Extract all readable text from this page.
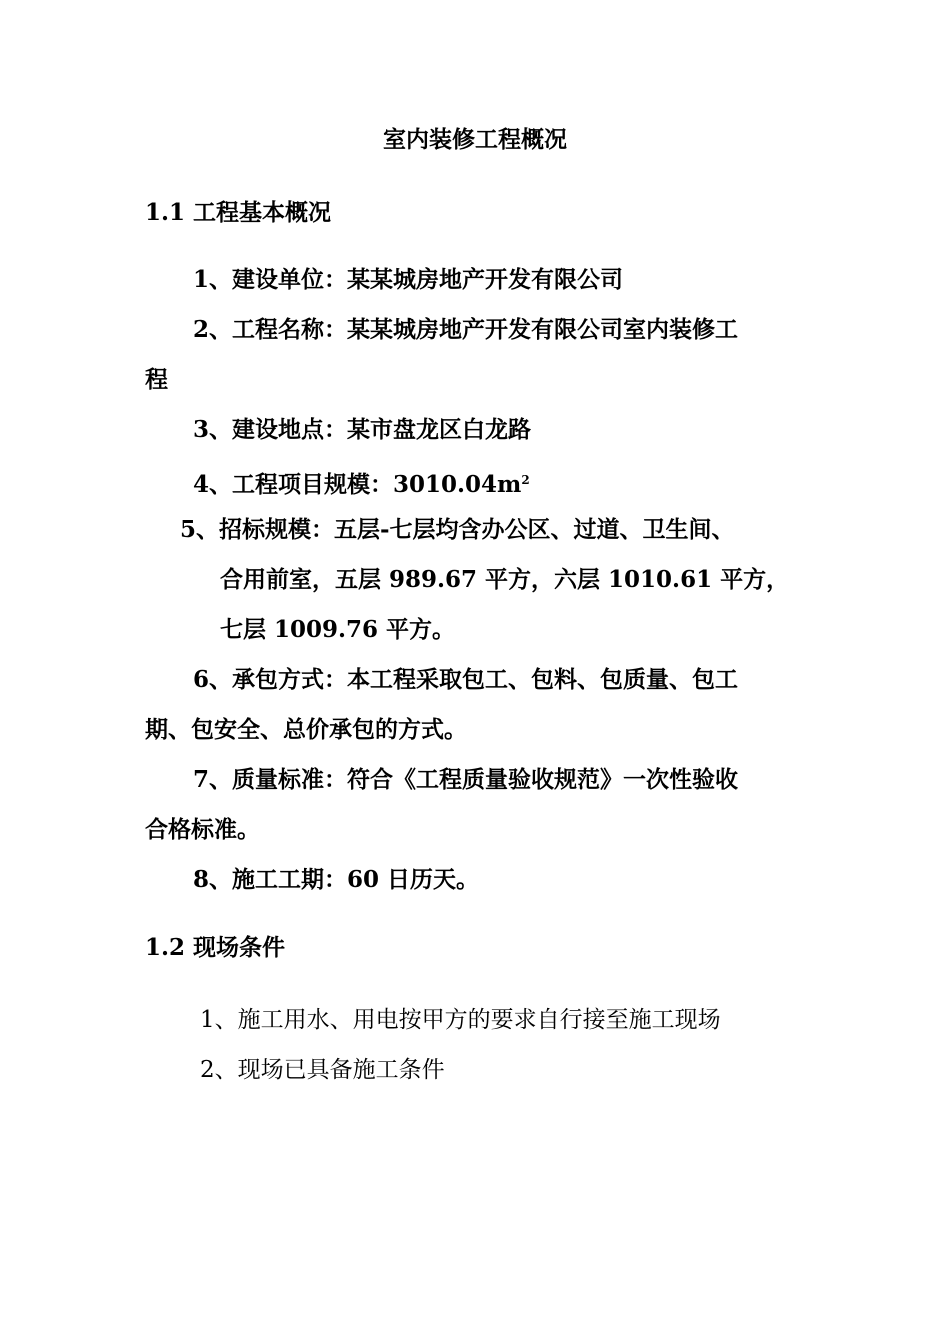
室内装修工程概况
1.1 工程基本概况
1、建设单位：某某城房地产开发有限公司
2、工程名称：某某城房地产开发有限公司室内装修工
程
3、建设地点：某市盘龙区白龙路
4、工程项目规模：$3010.04m^2$
5、招标规模：五层-七层均含办公区、过道、卫生间、
合用前室，五层 989.67 平方，六层 1010.61 平方，
七层 1009.76 平方。
6、承包方式：本工程采取包工、包料、包质量、包工
期、包安全、总价承包的方式。
7、质量标准：符合《工程质量验收规范》一次性验收
合格标准。
8、施工工期：60 日历天。
1.2 现场条件
1、施工用水、用电按甲方的要求自行接至施工现场
2、现场已具备施工条件
